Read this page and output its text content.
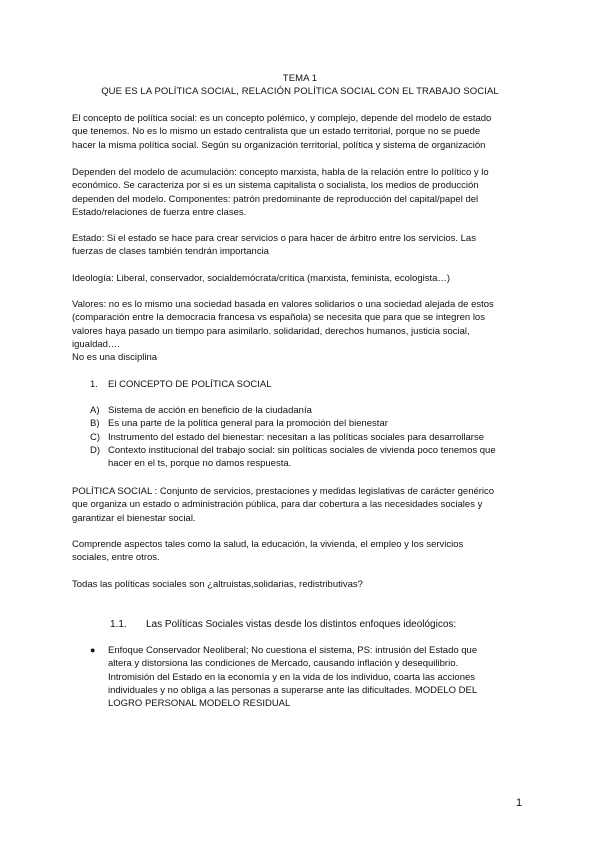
TEMA 1
QUE ES LA POLÍTICA SOCIAL, RELACIÓN POLÍTICA SOCIAL CON EL TRABAJO SOCIAL
El concepto de política social: es un concepto polémico, y complejo, depende del modelo de estado
que tenemos. No es lo mismo un estado centralista que un estado territorial, porque no se puede
hacer la misma política social. Según su organización territorial, política y sistema de organización
Dependen del modelo de acumulación: concepto marxista, habla de la relación entre lo político y lo
económico. Se caracteriza por si es un sistema capitalista o socialista, los medios de producción
dependen del modelo. Componentes: patrón predominante de reproducción del capital/papel del
Estado/relaciones de fuerza entre clases.
Estado: Si el estado se hace para crear servicios o para hacer de árbitro entre los servicios. Las
fuerzas de clases también tendrán importancia
Ideología: Liberal, conservador, socialdemócrata/crítica (marxista, feminista, ecologista…)
Valores: no es lo mismo una sociedad basada en valores solidarios o una sociedad alejada de estos
(comparación entre la democracia francesa vs española) se necesita que para que se integren los
valores haya pasado un tiempo para asimilarlo. solidaridad, derechos humanos, justicia social,
igualdad….
No es una disciplina
1. El CONCEPTO DE POLÍTICA SOCIAL
A) Sistema de acción en beneficio de la ciudadanía
B) Es una parte de la política general para la promoción del bienestar
C) Instrumento del estado del bienestar: necesitan a las políticas sociales para desarrollarse
D) Contexto institucional del trabajo social: sin políticas sociales de vivienda poco tenemos que
hacer en el ts, porque no damos respuesta.
POLÍTICA SOCIAL : Conjunto de servicios, prestaciones y medidas legislativas de carácter genérico
que organiza un estado o administración pública, para dar cobertura a las necesidades sociales y
garantizar el bienestar social.
Comprende aspectos tales como la salud, la educación, la vivienda, el empleo y los servicios
sociales, entre otros.
Todas las políticas sociales son ¿altruistas,solidarias, redistributivas?
1.1. Las Políticas Sociales vistas desde los distintos enfoques ideológicos:
● Enfoque Conservador Neoliberal; No cuestiona el sistema, PS: intrusión del Estado que
altera y distorsiona las condiciones de Mercado, causando inflación y desequilibrio.
Intromisión del Estado en la economía y en la vida de los individuo, coarta las acciones
individuales y no obliga a las personas a superarse ante las dificultades. MODELO DEL
LOGRO PERSONAL MODELO RESIDUAL
1
